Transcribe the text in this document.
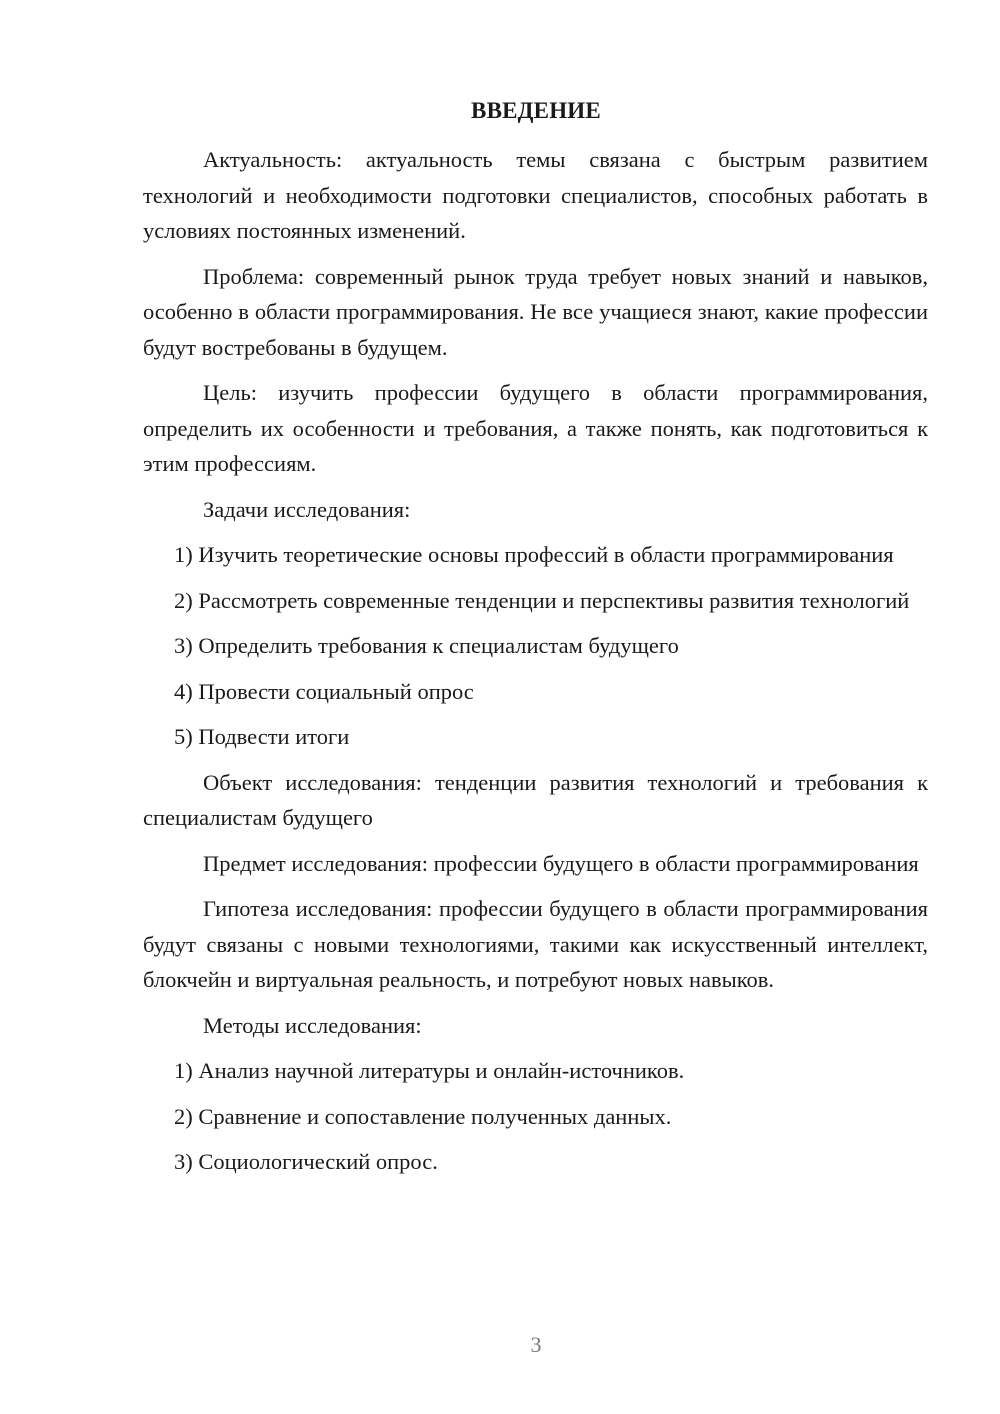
ВВЕДЕНИЕ

Актуальность: актуальность темы связана с быстрым развитием технологий и необходимости подготовки специалистов, способных работать в условиях постоянных изменений.

Проблема: современный рынок труда требует новых знаний и навыков, особенно в области программирования. Не все учащиеся знают, какие профессии будут востребованы в будущем.

Цель: изучить профессии будущего в области программирования, определить их особенности и требования, а также понять, как подготовиться к этим профессиям.

Задачи исследования:

1) Изучить теоретические основы профессий в области программирования

2) Рассмотреть современные тенденции и перспективы развития технологий

3) Определить требования к специалистам будущего

4) Провести социальный опрос

5) Подвести итоги

Объект исследования: тенденции развития технологий и требования к специалистам будущего

Предмет исследования: профессии будущего в области программирования

Гипотеза исследования: профессии будущего в области программирования будут связаны с новыми технологиями, такими как искусственный интеллект, блокчейн и виртуальная реальность, и потребуют новых навыков.

Методы исследования:

1) Анализ научной литературы и онлайн-источников.

2) Сравнение и сопоставление полученных данных.

3) Социологический опрос.

3
